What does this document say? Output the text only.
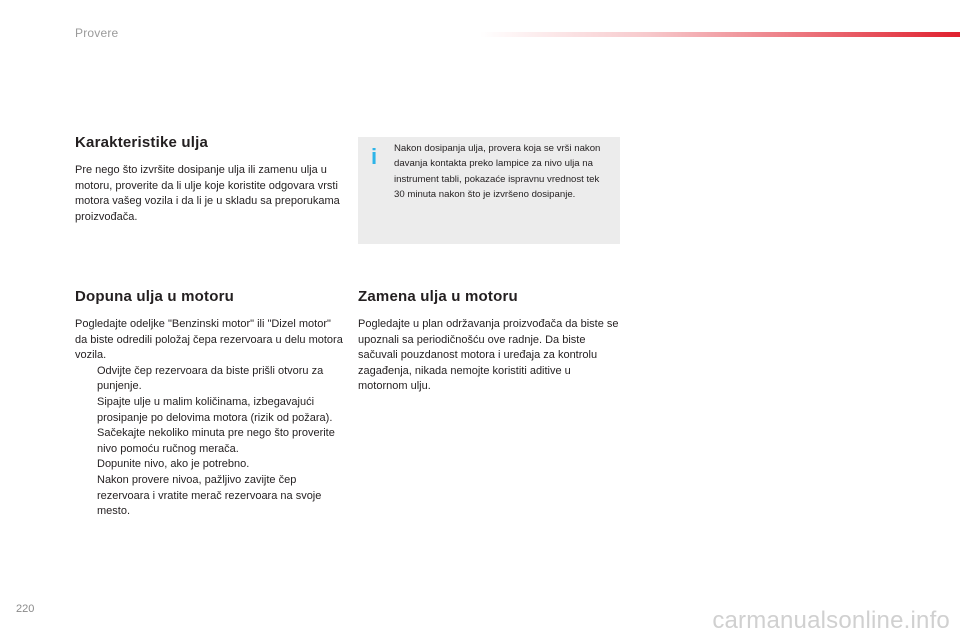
Provere
Karakteristike ulja

Pre nego što izvršite dosipanje ulja ili zamenu ulja u motoru, proverite da li ulje koje koristite odgovara vrsti motora vašeg vozila i da li je u skladu sa preporukama proizvođača.

i Nakon dosipanja ulja, provera koja se vrši nakon davanja kontakta preko lampice za nivo ulja na instrument tabli, pokazaće ispravnu vrednost tek 30 minuta nakon što je izvršeno dosipanje.

Dopuna ulja u motoru

Pogledajte odeljke "Benzinski motor" ili "Dizel motor" da biste odredili položaj čepa rezervoara u delu motora vozila.

Odvijte čep rezervoara da biste prišli otvoru za punjenje.
Sipajte ulje u malim količinama, izbegavajući prosipanje po delovima motora (rizik od požara).
Sačekajte nekoliko minuta pre nego što proverite nivo pomoću ručnog merača.
Dopunite nivo, ako je potrebno.
Nakon provere nivoa, pažljivo zavijte čep rezervoara i vratite merač rezervoara na svoje mesto.
Zamena ulja u motoru

Pogledajte u plan održavanja proizvođača da biste se upoznali sa periodičnošću ove radnje. Da biste sačuvali pouzdanost motora i uređaja za kontrolu zagađenja, nikada nemojte koristiti aditive u motornom ulju.

220	carmanualsonline.info
